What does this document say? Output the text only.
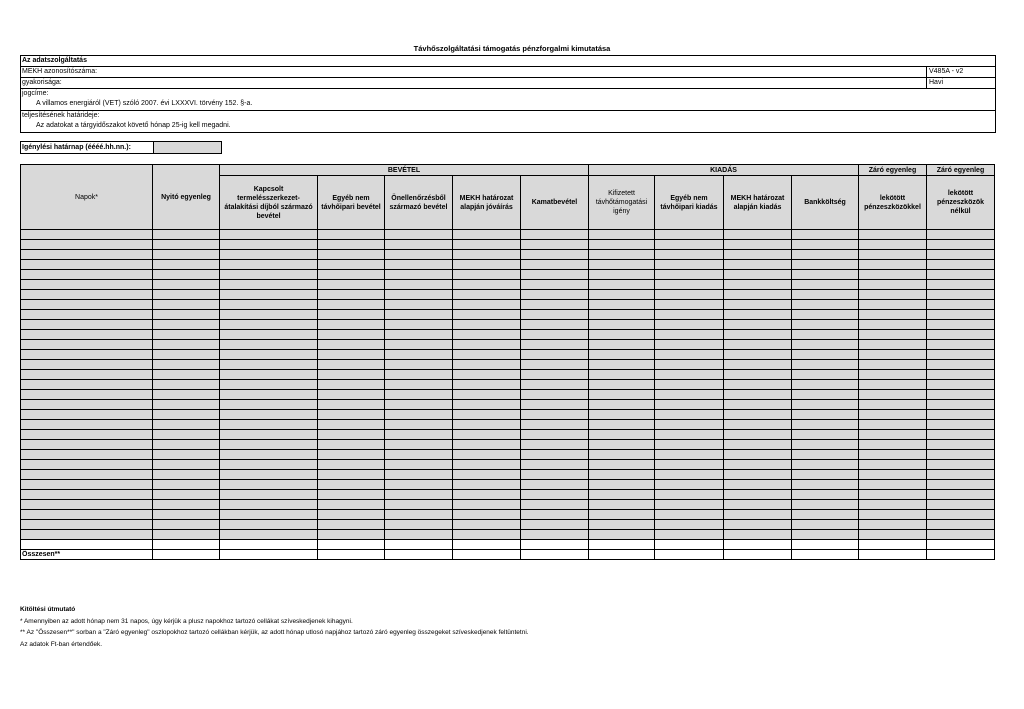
Távhőszolgáltatási támogatás pénzforgalmi kimutatása
Az adatszolgáltatás
MEKH azonosítószáma:	V485A - v2
gyakorisága:	Havi
jogcíme:
A villamos energiáról (VET) szóló 2007. évi LXXXVI. törvény 152. §-a.
teljesítésének határideje:
Az adatokat a tárgyidőszakot követő hónap 25-ig kell megadni.
Igénylési határnap (éééé.hh.nn.):
Napok*	Nyitó egyenleg	BEVÉTEL					KIADÁS				Záró egyenleg	Záró egyenleg
		Kapcsolt termelésszerkezet-átalakítási díjból származó bevétel	Egyéb nem távhőipari bevétel	Önellenőrzésből származó bevétel	MEKH határozat alapján jóváírás	Kamatbevétel	Kifizetett távhőtámogatási igény	Egyéb nem távhőipari kiadás	MEKH határozat alapján kiadás	Bankköltség	lekötött pénzeszközökkel	lekötött pénzeszközök nélkül

Összesen**												
Kitöltési útmutató
* Amennyiben az adott hónap nem 31 napos, úgy kérjük a plusz napokhoz tartozó cellákat szíveskedjenek kihagyni.
** Az "Összesen**" sorban a "Záró egyenleg" oszlopokhoz tartozó cellákban kérjük, az adott hónap utlosó napjához tartozó záró egyenleg összegeket szíveskedjenek feltüntetni.
Az adatok Ft-ban értendőek.
